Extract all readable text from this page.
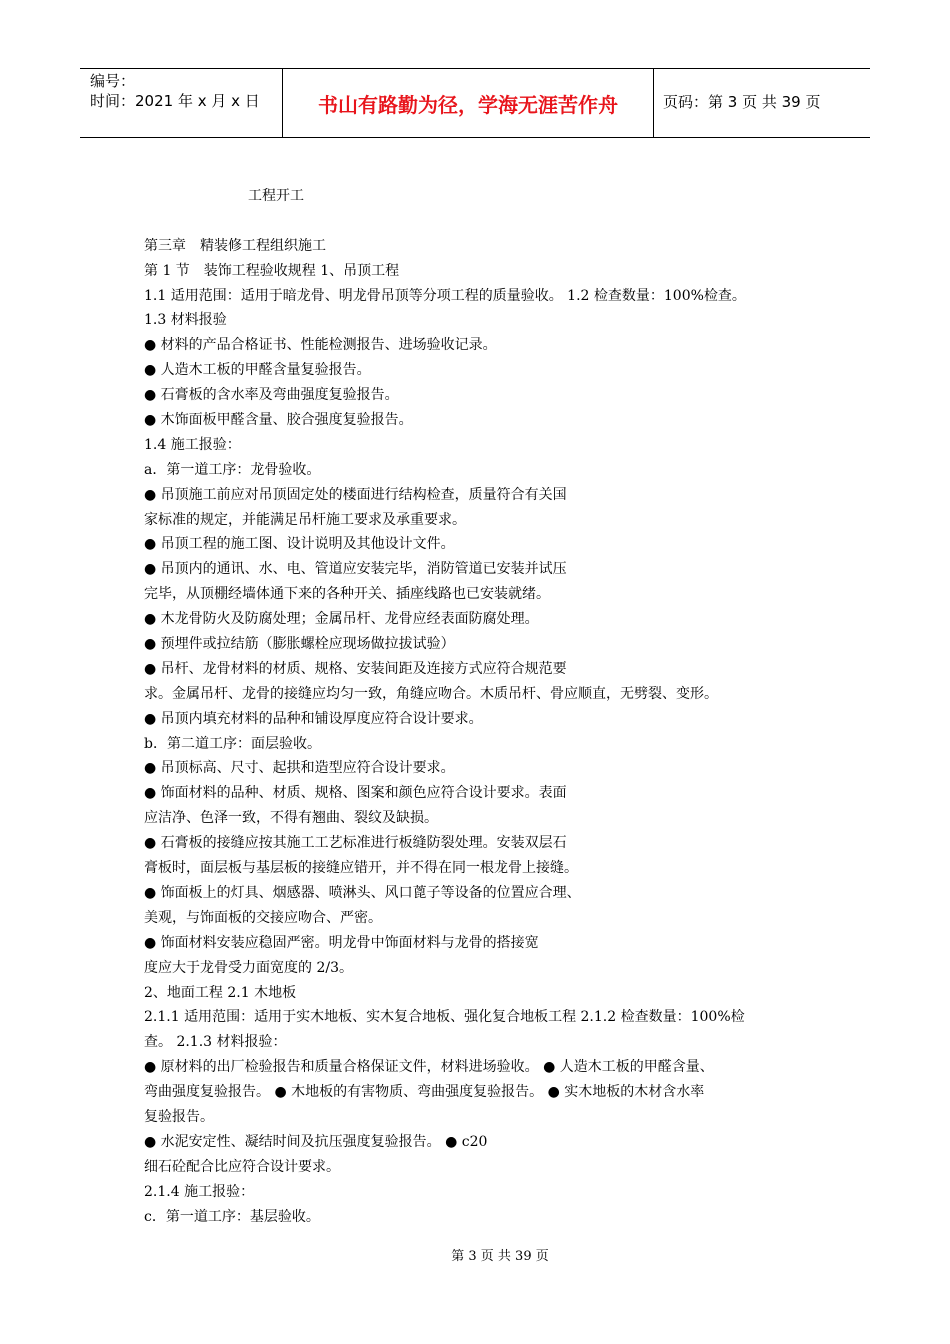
编号：
时间：2021 年 x 月 x 日	书山有路勤为径，学海无涯苦作舟	页码：第 3 页 共 39 页
工程开工
第三章　精装修工程组织施工
第 1 节　装饰工程验收规程 1、吊顶工程
1.1 适用范围：适用于暗龙骨、明龙骨吊顶等分项工程的质量验收。 1.2 检查数量：100%检查。
1.3 材料报验
● 材料的产品合格证书、性能检测报告、进场验收记录。
● 人造木工板的甲醛含量复验报告。
● 石膏板的含水率及弯曲强度复验报告。
● 木饰面板甲醛含量、胶合强度复验报告。
1.4 施工报验：
a．第一道工序：龙骨验收。
● 吊顶施工前应对吊顶固定处的楼面进行结构检查，质量符合有关国
家标准的规定，并能满足吊杆施工要求及承重要求。
● 吊顶工程的施工图、设计说明及其他设计文件。
● 吊顶内的通讯、水、电、管道应安装完毕，消防管道已安装并试压
完毕，从顶棚经墙体通下来的各种开关、插座线路也已安装就绪。
● 木龙骨防火及防腐处理；金属吊杆、龙骨应经表面防腐处理。
● 预埋件或拉结筋（膨胀螺栓应现场做拉拔试验）
● 吊杆、龙骨材料的材质、规格、安装间距及连接方式应符合规范要
求。金属吊杆、龙骨的接缝应均匀一致，角缝应吻合。木质吊杆、骨应顺直，无劈裂、变形。
● 吊顶内填充材料的品种和铺设厚度应符合设计要求。
b．第二道工序：面层验收。
● 吊顶标高、尺寸、起拱和造型应符合设计要求。
● 饰面材料的品种、材质、规格、图案和颜色应符合设计要求。表面
应洁净、色泽一致，不得有翘曲、裂纹及缺损。
● 石膏板的接缝应按其施工工艺标准进行板缝防裂处理。安装双层石
膏板时，面层板与基层板的接缝应错开，并不得在同一根龙骨上接缝。
● 饰面板上的灯具、烟感器、喷淋头、风口蓖子等设备的位置应合理、
美观，与饰面板的交接应吻合、严密。
● 饰面材料安装应稳固严密。明龙骨中饰面材料与龙骨的搭接宽
度应大于龙骨受力面宽度的 2/3。
2、地面工程 2.1 木地板
2.1.1 适用范围：适用于实木地板、实木复合地板、强化复合地板工程 2.1.2 检查数量：100%检
查。 2.1.3 材料报验：
● 原材料的出厂检验报告和质量合格保证文件，材料进场验收。 ● 人造木工板的甲醛含量、
弯曲强度复验报告。 ● 木地板的有害物质、弯曲强度复验报告。 ● 实木地板的木材含水率
复验报告。
● 水泥安定性、凝结时间及抗压强度复验报告。 ● c20
细石砼配合比应符合设计要求。
2.1.4 施工报验：
c．第一道工序：基层验收。
第 3 页 共 39 页
